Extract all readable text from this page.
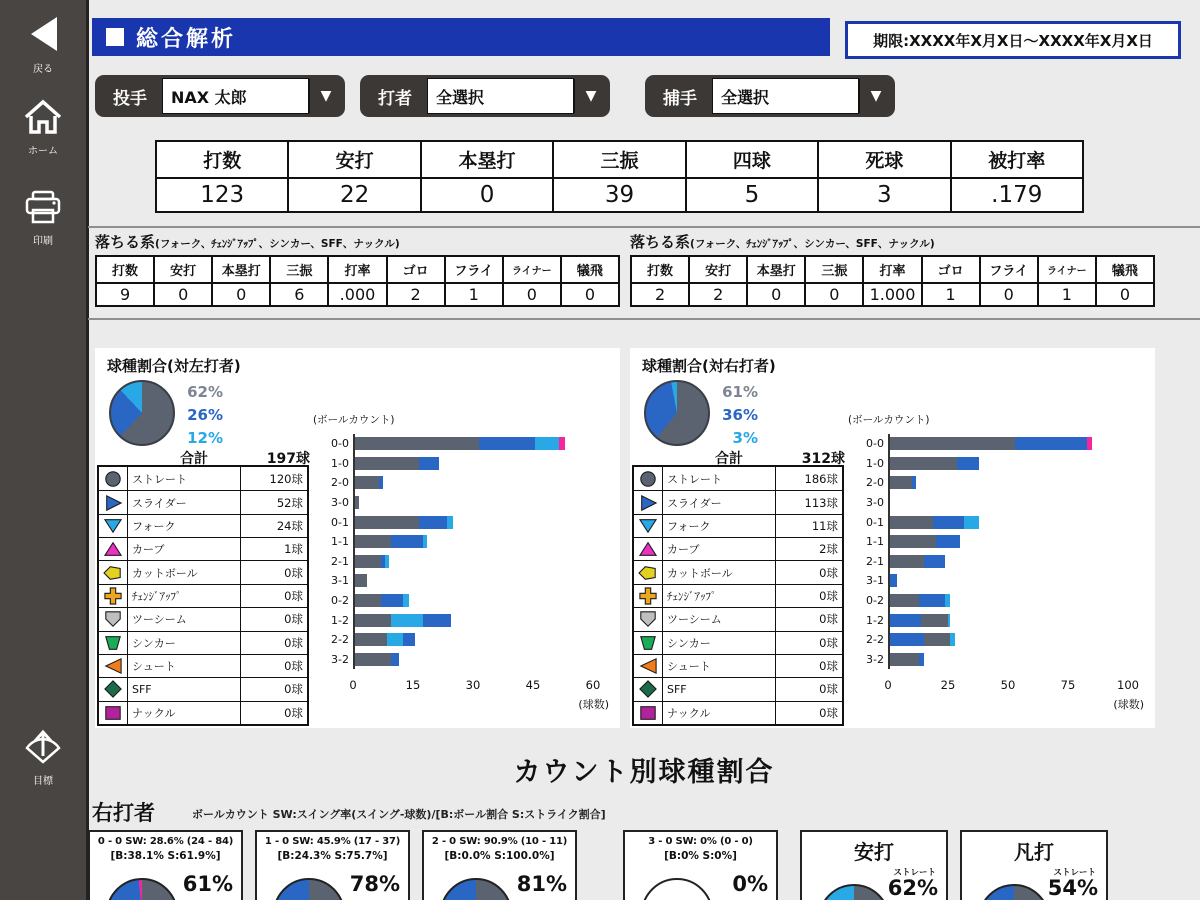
戻る
ホーム
印刷
目標
総合解析	期限:XXXX年X月X日～XXXX年X月X日
投手	NAX 太郎	▼	打者	全選択	▼	捕手	全選択	▼
打数	安打	本塁打	三振	四球	死球	被打率
123	22	0	39	5	3	.179
落ちる系(フォーク、ﾁｪﾝｼﾞｱｯﾌﾟ、シンカー、SFF、ナックル)
打数	安打	本塁打	三振	打率	ゴロ	フライ	ライナー	犠飛
9	0	0	6	.000	2	1	0	0
落ちる系(フォーク、ﾁｪﾝｼﾞｱｯﾌﾟ、シンカー、SFF、ナックル)
打数	安打	本塁打	三振	打率	ゴロ	フライ	ライナー	犠飛
2	2	0	0	1.000	1	0	1	0
球種割合(対左打者)
62%
26%
12%
合計	197球
ストレート	120球
スライダー	52球
フォーク	24球
カーブ	1球
カットボール	0球
ﾁｪﾝｼﾞｱｯﾌﾟ	0球
ツーシーム	0球
シンカー	0球
シュート	0球
SFF	0球
ナックル	0球
(ボールカウント)
0-0
1-0
2-0
3-0
0-1
1-1
2-1
3-1
0-2
1-2
2-2
3-2
0	15	30	45	60
(球数)
球種割合(対右打者)
61%
36%
3%
合計	312球
ストレート	186球
スライダー	113球
フォーク	11球
カーブ	2球
カットボール	0球
ﾁｪﾝｼﾞｱｯﾌﾟ	0球
ツーシーム	0球
シンカー	0球
シュート	0球
SFF	0球
ナックル	0球
(ボールカウント)
0-0
1-0
2-0
3-0
0-1
1-1
2-1
3-1
0-2
1-2
2-2
3-2
0	25	50	75	100
(球数)
カウント別球種割合
右打者	ボールカウント SW:スイング率(スイング-球数)/[B:ボール割合 S:ストライク割合]
0 - 0 SW: 28.6% (24 - 84)
[B:38.1% S:61.9%]
61%
1 - 0 SW: 45.9% (17 - 37)
[B:24.3% S:75.7%]
78%
2 - 0 SW: 90.9% (10 - 11)
[B:0.0% S:100.0%]
81%
3 - 0 SW: 0% (0 - 0)
[B:0% S:0%]
0%
安打
ストレート
62%
凡打
ストレート
54%
